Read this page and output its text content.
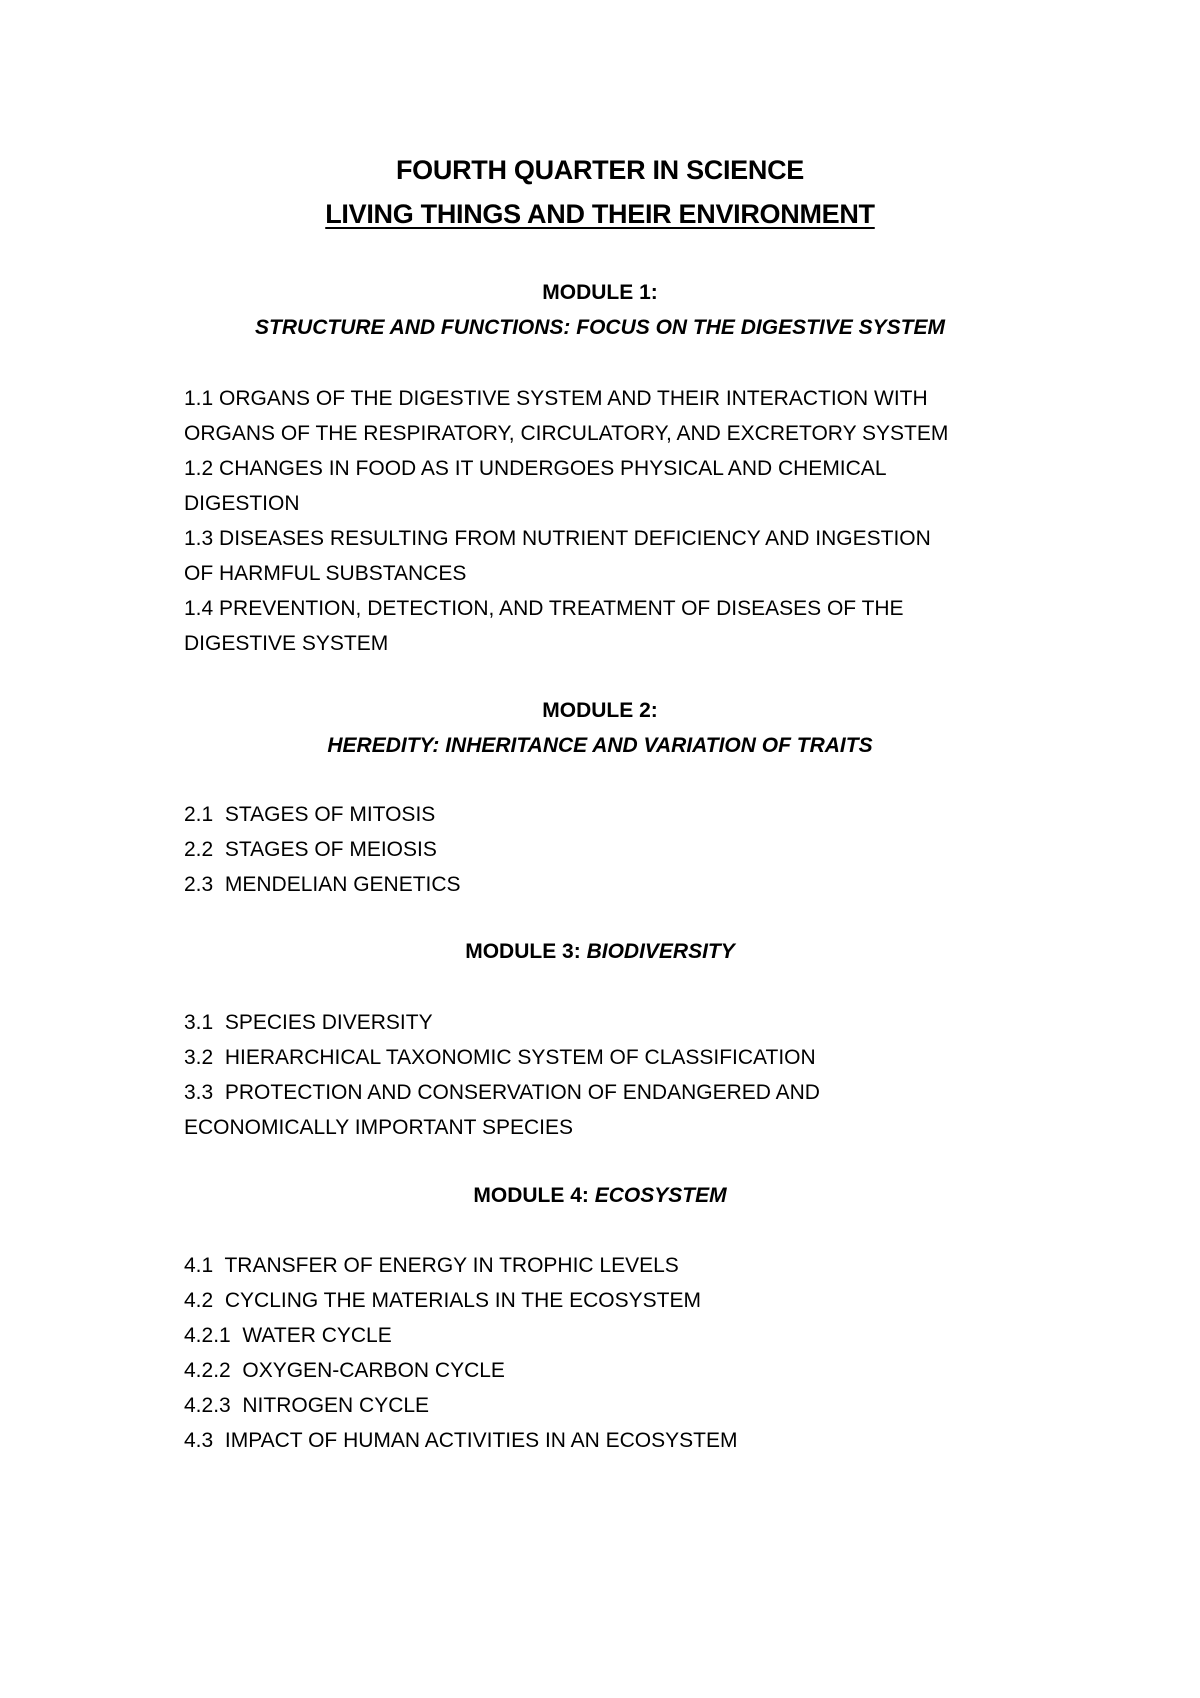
FOURTH QUARTER IN SCIENCE
LIVING THINGS AND THEIR ENVIRONMENT
MODULE 1:
STRUCTURE AND FUNCTIONS: FOCUS ON THE DIGESTIVE SYSTEM
1.1 ORGANS OF THE DIGESTIVE SYSTEM AND THEIR INTERACTION WITH
ORGANS OF THE RESPIRATORY, CIRCULATORY, AND EXCRETORY SYSTEM
1.2 CHANGES IN FOOD AS IT UNDERGOES PHYSICAL AND CHEMICAL
DIGESTION
1.3 DISEASES RESULTING FROM NUTRIENT DEFICIENCY AND INGESTION
OF HARMFUL SUBSTANCES
1.4 PREVENTION, DETECTION, AND TREATMENT OF DISEASES OF THE
DIGESTIVE SYSTEM
MODULE 2:
HEREDITY: INHERITANCE AND VARIATION OF TRAITS
2.1  STAGES OF MITOSIS
2.2  STAGES OF MEIOSIS
2.3  MENDELIAN GENETICS
MODULE 3: BIODIVERSITY
3.1  SPECIES DIVERSITY
3.2  HIERARCHICAL TAXONOMIC SYSTEM OF CLASSIFICATION
3.3  PROTECTION AND CONSERVATION OF ENDANGERED AND
ECONOMICALLY IMPORTANT SPECIES
MODULE 4: ECOSYSTEM
4.1  TRANSFER OF ENERGY IN TROPHIC LEVELS
4.2  CYCLING THE MATERIALS IN THE ECOSYSTEM
4.2.1  WATER CYCLE
4.2.2  OXYGEN-CARBON CYCLE
4.2.3  NITROGEN CYCLE
4.3  IMPACT OF HUMAN ACTIVITIES IN AN ECOSYSTEM
